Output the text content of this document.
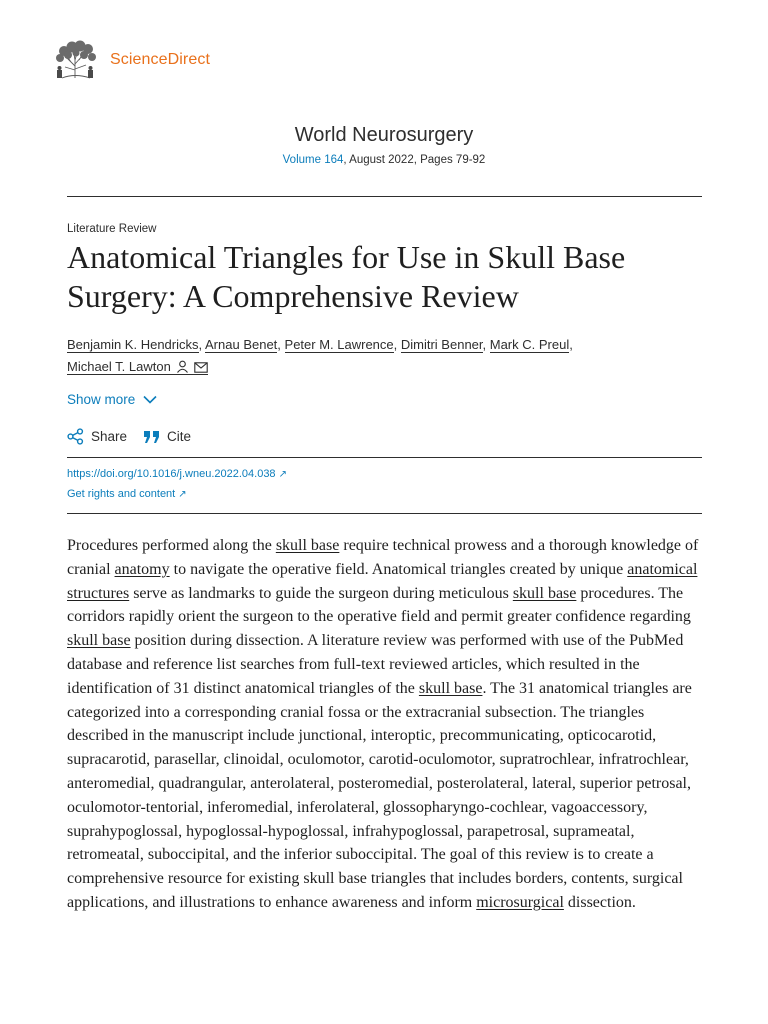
ScienceDirect
World Neurosurgery
Volume 164, August 2022, Pages 79-92
Literature Review
Anatomical Triangles for Use in Skull Base Surgery: A Comprehensive Review
Benjamin K. Hendricks, Arnau Benet, Peter M. Lawrence, Dimitri Benner, Mark C. Preul,
Michael T. Lawton
Show more
Share	Cite
https://doi.org/10.1016/j.wneu.2022.04.038 ↗
Get rights and content ↗

Procedures performed along the skull base require technical prowess and a thorough knowledge of cranial anatomy to navigate the operative field. Anatomical triangles created by unique anatomical structures serve as landmarks to guide the surgeon during meticulous skull base procedures. The corridors rapidly orient the surgeon to the operative field and permit greater confidence regarding skull base position during dissection. A literature review was performed with use of the PubMed database and reference list searches from full-text reviewed articles, which resulted in the identification of 31 distinct anatomical triangles of the skull base. The 31 anatomical triangles are categorized into a corresponding cranial fossa or the extracranial subsection. The triangles described in the manuscript include junctional, interoptic, precommunicating, opticocarotid, supracarotid, parasellar, clinoidal, oculomotor, carotid-oculomotor, supratrochlear, infratrochlear, anteromedial, quadrangular, anterolateral, posteromedial, posterolateral, lateral, superior petrosal, oculomotor-tentorial, inferomedial, inferolateral, glossopharyngo-cochlear, vagoaccessory, suprahypoglossal, hypoglossal-hypoglossal, infrahypoglossal, parapetrosal, suprameatal, retromeatal, suboccipital, and the inferior suboccipital. The goal of this review is to create a comprehensive resource for existing skull base triangles that includes borders, contents, surgical applications, and illustrations to enhance awareness and inform microsurgical dissection.
